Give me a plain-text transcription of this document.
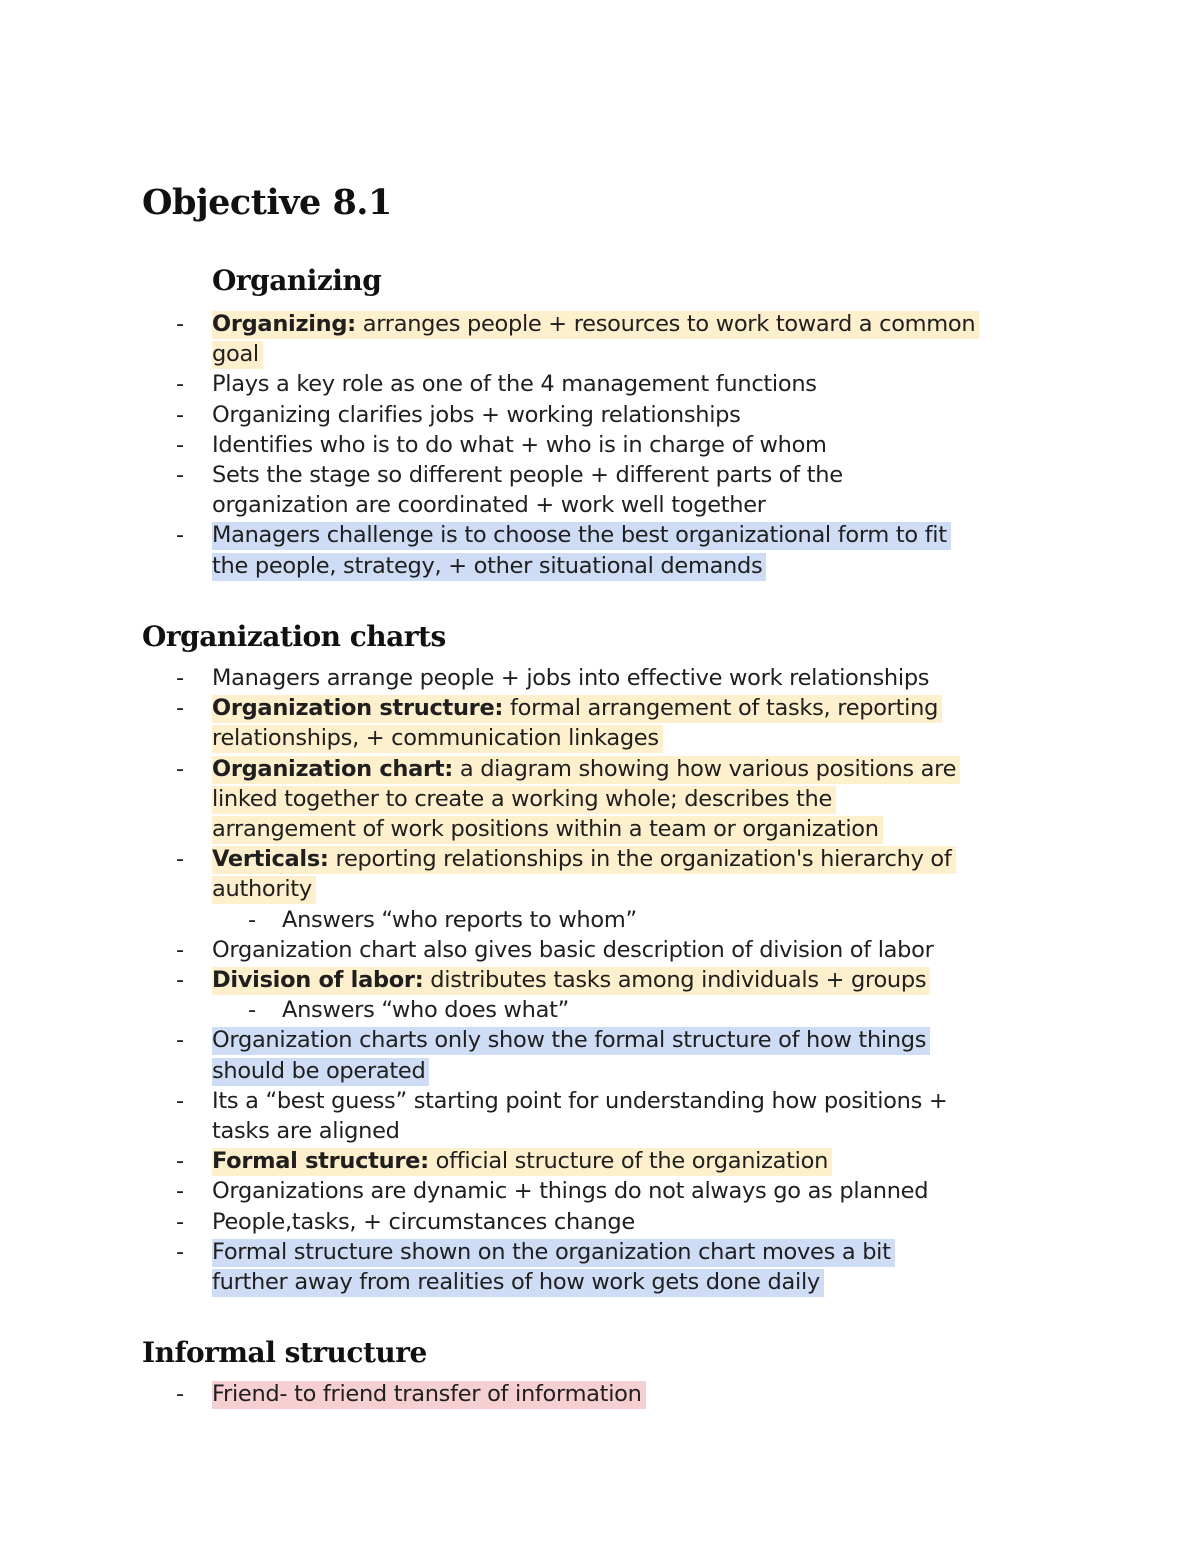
Objective 8.1
Organizing
- Organizing: arranges people + resources to work toward a common
goal
- Plays a key role as one of the 4 management functions
- Organizing clarifies jobs + working relationships
- Identifies who is to do what + who is in charge of whom
- Sets the stage so different people + different parts of the
organization are coordinated + work well together
- Managers challenge is to choose the best organizational form to fit
the people, strategy, + other situational demands
Organization charts
- Managers arrange people + jobs into effective work relationships
- Organization structure: formal arrangement of tasks, reporting
relationships, + communication linkages
- Organization chart: a diagram showing how various positions are
linked together to create a working whole; describes the
arrangement of work positions within a team or organization
- Verticals: reporting relationships in the organization's hierarchy of
authority
- Answers “who reports to whom”
- Organization chart also gives basic description of division of labor
- Division of labor: distributes tasks among individuals + groups
- Answers “who does what”
- Organization charts only show the formal structure of how things
should be operated
- Its a “best guess” starting point for understanding how positions +
tasks are aligned
- Formal structure: official structure of the organization
- Organizations are dynamic + things do not always go as planned
- People,tasks, + circumstances change
- Formal structure shown on the organization chart moves a bit
further away from realities of how work gets done daily
Informal structure
- Friend- to friend transfer of information
